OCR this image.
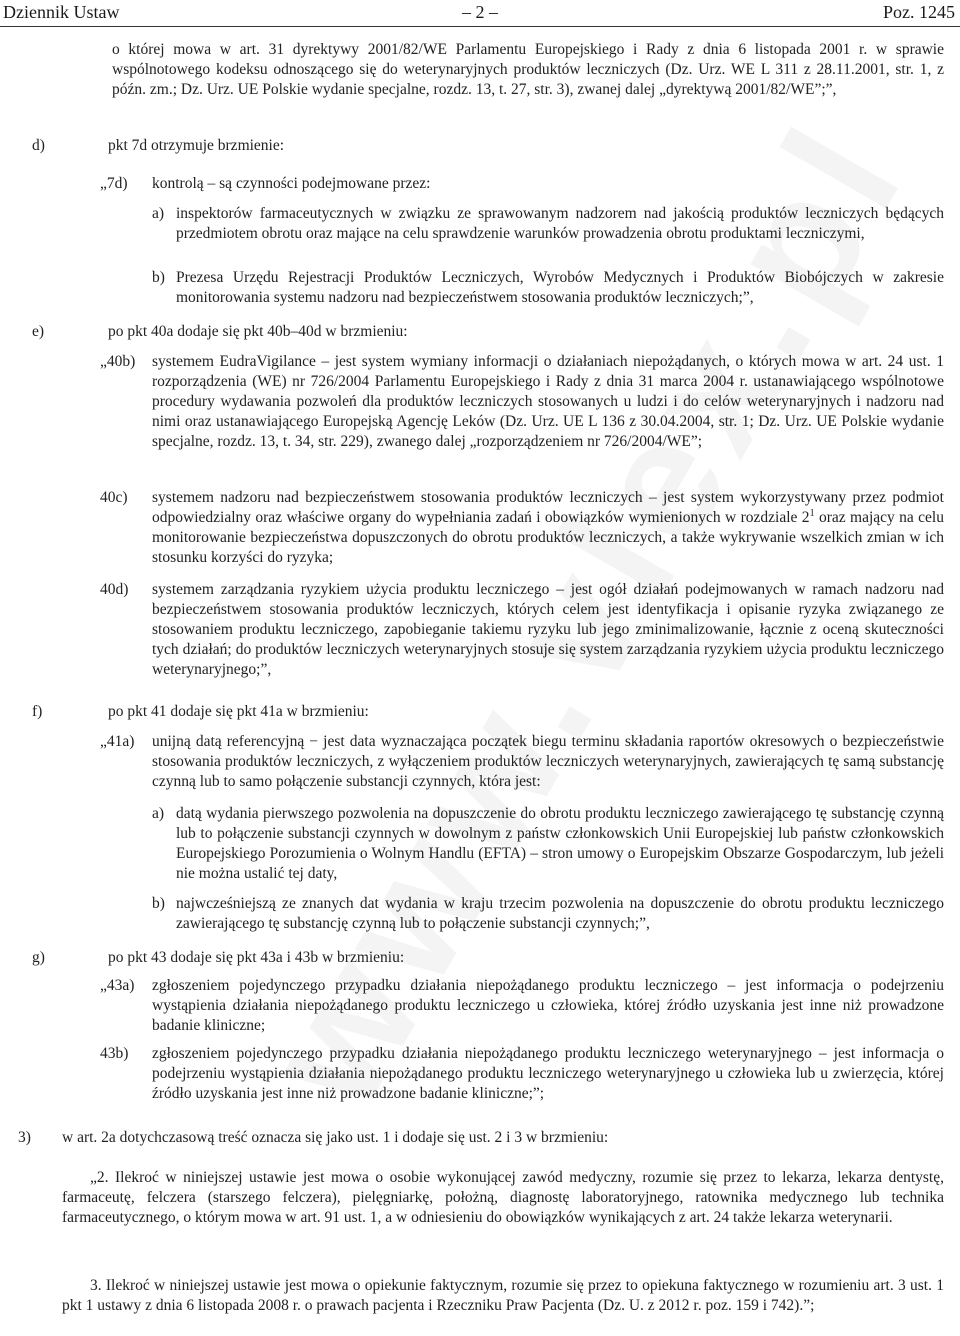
Dziennik Ustaw	– 2 –	Poz. 1245
o której mowa w art. 31 dyrektywy 2001/82/WE Parlamentu Europejskiego i Rady z dnia 6 listopada 2001 r. w sprawie wspólnotowego kodeksu odnoszącego się do weterynaryjnych produktów leczniczych (Dz. Urz. WE L 311 z 28.11.2001, str. 1, z późn. zm.; Dz. Urz. UE Polskie wydanie specjalne, rozdz. 13, t. 27, str. 3), zwanej dalej „dyrektywą 2001/82/WE”;”,
d)	pkt 7d otrzymuje brzmienie:
„7d) kontrolą – są czynności podejmowane przez:
a) inspektorów farmaceutycznych w związku ze sprawowanym nadzorem nad jakością produktów leczniczych będących przedmiotem obrotu oraz mające na celu sprawdzenie warunków prowadzenia obrotu produktami leczniczymi,
b) Prezesa Urzędu Rejestracji Produktów Leczniczych, Wyrobów Medycznych i Produktów Biobójczych w zakresie monitorowania systemu nadzoru nad bezpieczeństwem stosowania produktów leczniczych;”,
e)	po pkt 40a dodaje się pkt 40b–40d w brzmieniu:
„40b) systemem EudraVigilance – jest system wymiany informacji o działaniach niepożądanych, o których mowa w art. 24 ust. 1 rozporządzenia (WE) nr 726/2004 Parlamentu Europejskiego i Rady z dnia 31 marca 2004 r. ustanawiającego wspólnotowe procedury wydawania pozwoleń dla produktów leczniczych stosowanych u ludzi i do celów weterynaryjnych i nadzoru nad nimi oraz ustanawiającego Europejską Agencję Leków (Dz. Urz. UE L 136 z 30.04.2004, str. 1; Dz. Urz. UE Polskie wydanie specjalne, rozdz. 13, t. 34, str. 229), zwanego dalej „rozporządzeniem nr 726/2004/WE”;
40c) systemem nadzoru nad bezpieczeństwem stosowania produktów leczniczych – jest system wykorzystywany przez podmiot odpowiedzialny oraz właściwe organy do wypełniania zadań i obowiązków wymienionych w rozdziale $2^1$ oraz mający na celu monitorowanie bezpieczeństwa dopuszczonych do obrotu produktów leczniczych, a także wykrywanie wszelkich zmian w ich stosunku korzyści do ryzyka;
40d) systemem zarządzania ryzykiem użycia produktu leczniczego – jest ogół działań podejmowanych w ramach nadzoru nad bezpieczeństwem stosowania produktów leczniczych, których celem jest identyfikacja i opisanie ryzyka związanego ze stosowaniem produktu leczniczego, zapobieganie takiemu ryzyku lub jego zminimalizowanie, łącznie z oceną skuteczności tych działań; do produktów leczniczych weterynaryjnych stosuje się system zarządzania ryzykiem użycia produktu leczniczego weterynaryjnego;”,
f)	po pkt 41 dodaje się pkt 41a w brzmieniu:
„41a) unijną datą referencyjną − jest data wyznaczająca początek biegu terminu składania raportów okresowych o bezpieczeństwie stosowania produktów leczniczych, z wyłączeniem produktów leczniczych weterynaryjnych, zawierających tę samą substancję czynną lub to samo połączenie substancji czynnych, która jest:
a) datą wydania pierwszego pozwolenia na dopuszczenie do obrotu produktu leczniczego zawierającego tę substancję czynną lub to połączenie substancji czynnych w dowolnym z państw członkowskich Unii Europejskiej lub państw członkowskich Europejskiego Porozumienia o Wolnym Handlu (EFTA) – stron umowy o Europejskim Obszarze Gospodarczym, lub jeżeli nie można ustalić tej daty,
b) najwcześniejszą ze znanych dat wydania w kraju trzecim pozwolenia na dopuszczenie do obrotu produktu leczniczego zawierającego tę substancję czynną lub to połączenie substancji czynnych;”,
g)	po pkt 43 dodaje się pkt 43a i 43b w brzmieniu:
„43a) zgłoszeniem pojedynczego przypadku działania niepożądanego produktu leczniczego – jest informacja o podejrzeniu wystąpienia działania niepożądanego produktu leczniczego u człowieka, której źródło uzyskania jest inne niż prowadzone badanie kliniczne;
43b) zgłoszeniem pojedynczego przypadku działania niepożądanego produktu leczniczego weterynaryjnego – jest informacja o podejrzeniu wystąpienia działania niepożądanego produktu leczniczego weterynaryjnego u człowieka lub u zwierzęcia, której źródło uzyskania jest inne niż prowadzone badanie kliniczne;”;
3) w art. 2a dotychczasową treść oznacza się jako ust. 1 i dodaje się ust. 2 i 3 w brzmieniu:
„2. Ilekroć w niniejszej ustawie jest mowa o osobie wykonującej zawód medyczny, rozumie się przez to lekarza, lekarza dentystę, farmaceutę, felczera (starszego felczera), pielęgniarkę, położną, diagnostę laboratoryjnego, ratownika medycznego lub technika farmaceutycznego, o którym mowa w art. 91 ust. 1, a w odniesieniu do obowiązków wynikających z art. 24 także lekarza weterynarii.
3. Ilekroć w niniejszej ustawie jest mowa o opiekunie faktycznym, rozumie się przez to opiekuna faktycznego w rozumieniu art. 3 ust. 1 pkt 1 ustawy z dnia 6 listopada 2008 r. o prawach pacjenta i Rzeczniku Praw Pacjenta (Dz. U. z 2012 r. poz. 159 i 742).”;
